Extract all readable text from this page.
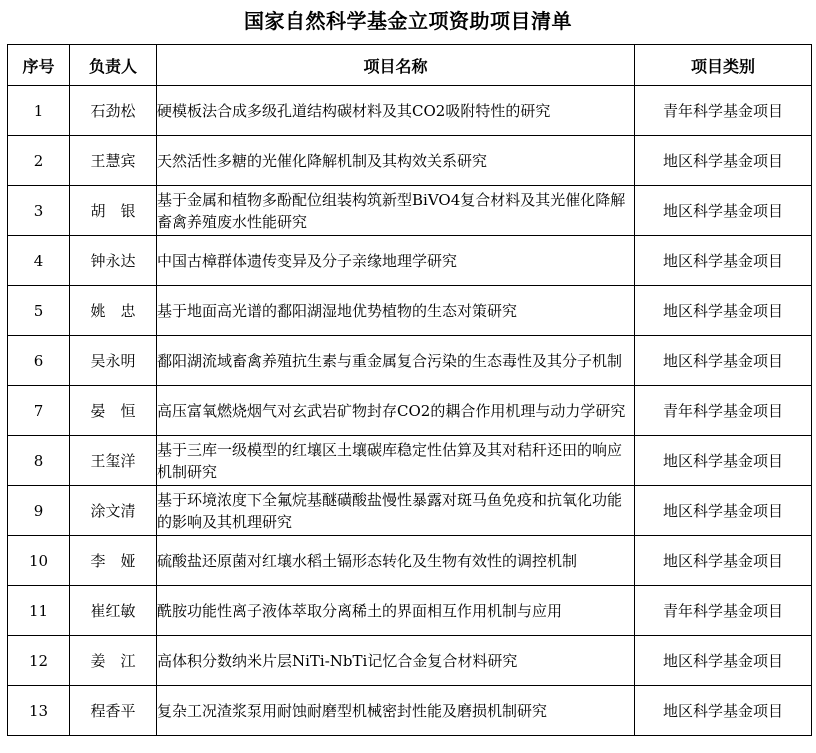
国家自然科学基金立项资助项目清单
序号	负责人	项目名称	项目类别
1	石劲松	硬模板法合成多级孔道结构碳材料及其CO2吸附特性的研究	青年科学基金项目
2	王慧宾	天然活性多糖的光催化降解机制及其构效关系研究	地区科学基金项目
3	胡　银	基于金属和植物多酚配位组装构筑新型BiVO4复合材料及其光催化降解畜禽养殖废水性能研究	地区科学基金项目
4	钟永达	中国古樟群体遗传变异及分子亲缘地理学研究	地区科学基金项目
5	姚　忠	基于地面高光谱的鄱阳湖湿地优势植物的生态对策研究	地区科学基金项目
6	吴永明	鄱阳湖流域畜禽养殖抗生素与重金属复合污染的生态毒性及其分子机制	地区科学基金项目
7	晏　恒	高压富氧燃烧烟气对玄武岩矿物封存CO2的耦合作用机理与动力学研究	青年科学基金项目
8	王玺洋	基于三库一级模型的红壤区土壤碳库稳定性估算及其对秸秆还田的响应机制研究	地区科学基金项目
9	涂文清	基于环境浓度下全氟烷基醚磺酸盐慢性暴露对斑马鱼免疫和抗氧化功能的影响及其机理研究	地区科学基金项目
10	李　娅	硫酸盐还原菌对红壤水稻土镉形态转化及生物有效性的调控机制	地区科学基金项目
11	崔红敏	酰胺功能性离子液体萃取分离稀土的界面相互作用机制与应用	青年科学基金项目
12	姜　江	高体积分数纳米片层NiTi-NbTi记忆合金复合材料研究	地区科学基金项目
13	程香平	复杂工况渣浆泵用耐蚀耐磨型机械密封性能及磨损机制研究	地区科学基金项目
